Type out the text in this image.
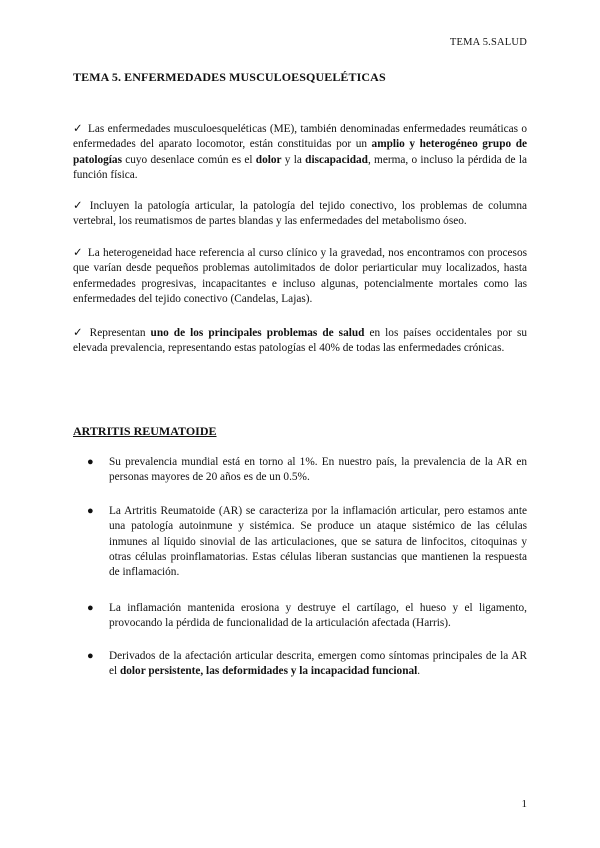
TEMA 5.SALUD
TEMA 5. ENFERMEDADES MUSCULOESQUELÉTICAS

✓ Las enfermedades musculoesqueléticas (ME), también denominadas enfermedades reumáticas o enfermedades del aparato locomotor, están constituidas por un amplio y heterogéneo grupo de patologías cuyo desenlace común es el dolor y la discapacidad, merma, o incluso la pérdida de la función física.

✓ Incluyen la patología articular, la patología del tejido conectivo, los problemas de columna vertebral, los reumatismos de partes blandas y las enfermedades del metabolismo óseo.

✓ La heterogeneidad hace referencia al curso clínico y la gravedad, nos encontramos con procesos que varían desde pequeños problemas autolimitados de dolor periarticular muy localizados, hasta enfermedades progresivas, incapacitantes e incluso algunas, potencialmente mortales como las enfermedades del tejido conectivo (Candelas, Lajas).

✓ Representan uno de los principales problemas de salud en los países occidentales por su elevada prevalencia, representando estas patologías el 40% de todas las enfermedades crónicas.

ARTRITIS REUMATOIDE
● Su prevalencia mundial está en torno al 1%. En nuestro país, la prevalencia de la AR en personas mayores de 20 años es de un 0.5%.
● La Artritis Reumatoide (AR) se caracteriza por la inflamación articular, pero estamos ante una patología autoinmune y sistémica. Se produce un ataque sistémico de las células inmunes al líquido sinovial de las articulaciones, que se satura de linfocitos, citoquinas y otras células proinflamatorias. Estas células liberan sustancias que mantienen la respuesta de inflamación.
● La inflamación mantenida erosiona y destruye el cartílago, el hueso y el ligamento, provocando la pérdida de funcionalidad de la articulación afectada (Harris).
● Derivados de la afectación articular descrita, emergen como síntomas principales de la AR el dolor persistente, las deformidades y la incapacidad funcional.
1
